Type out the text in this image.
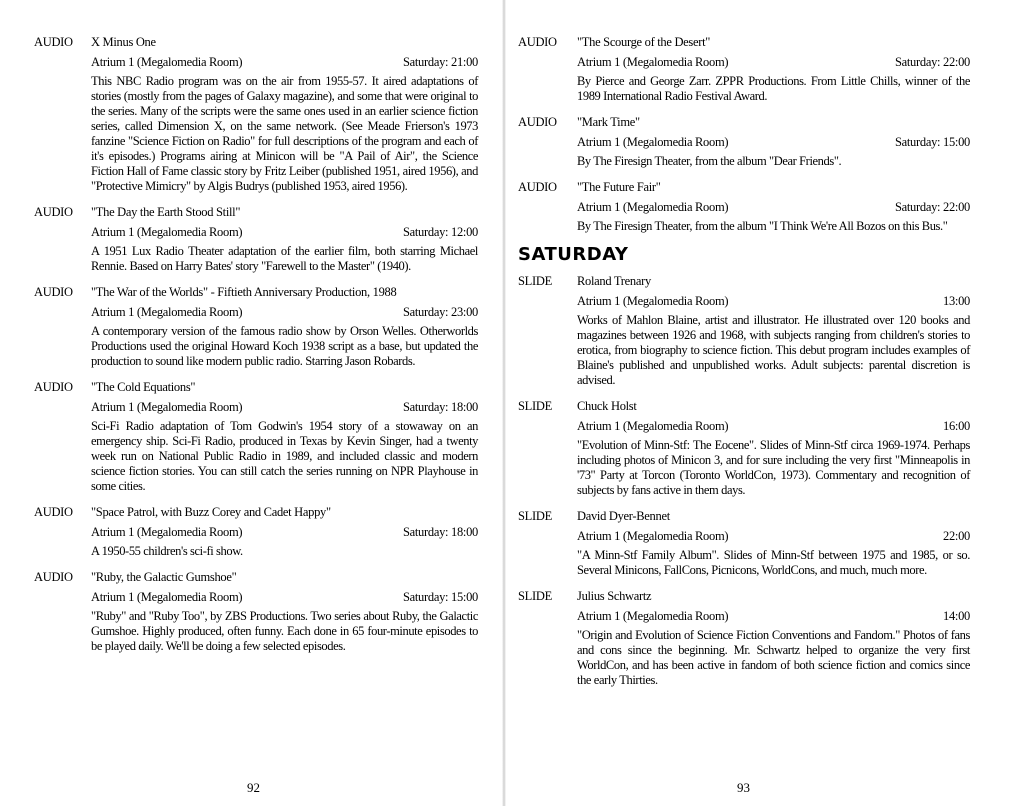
AUDIO	X Minus One
Atrium 1 (Megalomedia Room)	Saturday: 21:00
This NBC Radio program was on the air from 1955-57. It aired adaptations of stories (mostly from the pages of Galaxy magazine), and some that were original to the series. Many of the scripts were the same ones used in an earlier science fiction series, called Dimension X, on the same network. (See Meade Frierson's 1973 fanzine "Science Fiction on Radio" for full descriptions of the program and each of it's episodes.) Programs airing at Minicon will be "A Pail of Air", the Science Fiction Hall of Fame classic story by Fritz Leiber (published 1951, aired 1956), and "Protective Mimicry" by Algis Budrys (published 1953, aired 1956).
AUDIO	"The Day the Earth Stood Still"
Atrium 1 (Megalomedia Room)	Saturday: 12:00
A 1951 Lux Radio Theater adaptation of the earlier film, both starring Michael Rennie. Based on Harry Bates' story "Farewell to the Master" (1940).
AUDIO	"The War of the Worlds" - Fiftieth Anniversary Production, 1988
Atrium 1 (Megalomedia Room)	Saturday: 23:00
A contemporary version of the famous radio show by Orson Welles. Otherworlds Productions used the original Howard Koch 1938 script as a base, but updated the production to sound like modern public radio. Starring Jason Robards.
AUDIO	"The Cold Equations"
Atrium 1 (Megalomedia Room)	Saturday: 18:00
Sci-Fi Radio adaptation of Tom Godwin's 1954 story of a stowaway on an emergency ship. Sci-Fi Radio, produced in Texas by Kevin Singer, had a twenty week run on National Public Radio in 1989, and included classic and modern science fiction stories. You can still catch the series running on NPR Playhouse in some cities.
AUDIO	"Space Patrol, with Buzz Corey and Cadet Happy"
Atrium 1 (Megalomedia Room)	Saturday: 18:00
A 1950-55 children's sci-fi show.
AUDIO	"Ruby, the Galactic Gumshoe"
Atrium 1 (Megalomedia Room)	Saturday: 15:00
"Ruby" and "Ruby Too", by ZBS Productions. Two series about Ruby, the Galactic Gumshoe. Highly produced, often funny. Each done in 65 four-minute episodes to be played daily. We'll be doing a few selected episodes.
92
AUDIO	"The Scourge of the Desert"
Atrium 1 (Megalomedia Room)	Saturday: 22:00
By Pierce and George Zarr. ZPPR Productions. From Little Chills, winner of the 1989 International Radio Festival Award.
AUDIO	"Mark Time"
Atrium 1 (Megalomedia Room)	Saturday: 15:00
By The Firesign Theater, from the album "Dear Friends".
AUDIO	"The Future Fair"
Atrium 1 (Megalomedia Room)	Saturday: 22:00
By The Firesign Theater, from the album "I Think We're All Bozos on this Bus."
SATURDAY
SLIDE	Roland Trenary
Atrium 1 (Megalomedia Room)	13:00
Works of Mahlon Blaine, artist and illustrator. He illustrated over 120 books and magazines between 1926 and 1968, with subjects ranging from children's stories to erotica, from biography to science fiction. This debut program includes examples of Blaine's published and unpublished works. Adult subjects: parental discretion is advised.
SLIDE	Chuck Holst
Atrium 1 (Megalomedia Room)	16:00
"Evolution of Minn-Stf: The Eocene". Slides of Minn-Stf circa 1969-1974. Perhaps including photos of Minicon 3, and for sure including the very first "Minneapolis in '73" Party at Torcon (Toronto WorldCon, 1973). Commentary and recognition of subjects by fans active in them days.
SLIDE	David Dyer-Bennet
Atrium 1 (Megalomedia Room)	22:00
"A Minn-Stf Family Album". Slides of Minn-Stf between 1975 and 1985, or so. Several Minicons, FallCons, Picnicons, WorldCons, and much, much more.
SLIDE	Julius Schwartz
Atrium 1 (Megalomedia Room)	14:00
"Origin and Evolution of Science Fiction Conventions and Fandom." Photos of fans and cons since the beginning. Mr. Schwartz helped to organize the very first WorldCon, and has been active in fandom of both science fiction and comics since the early Thirties.
93
